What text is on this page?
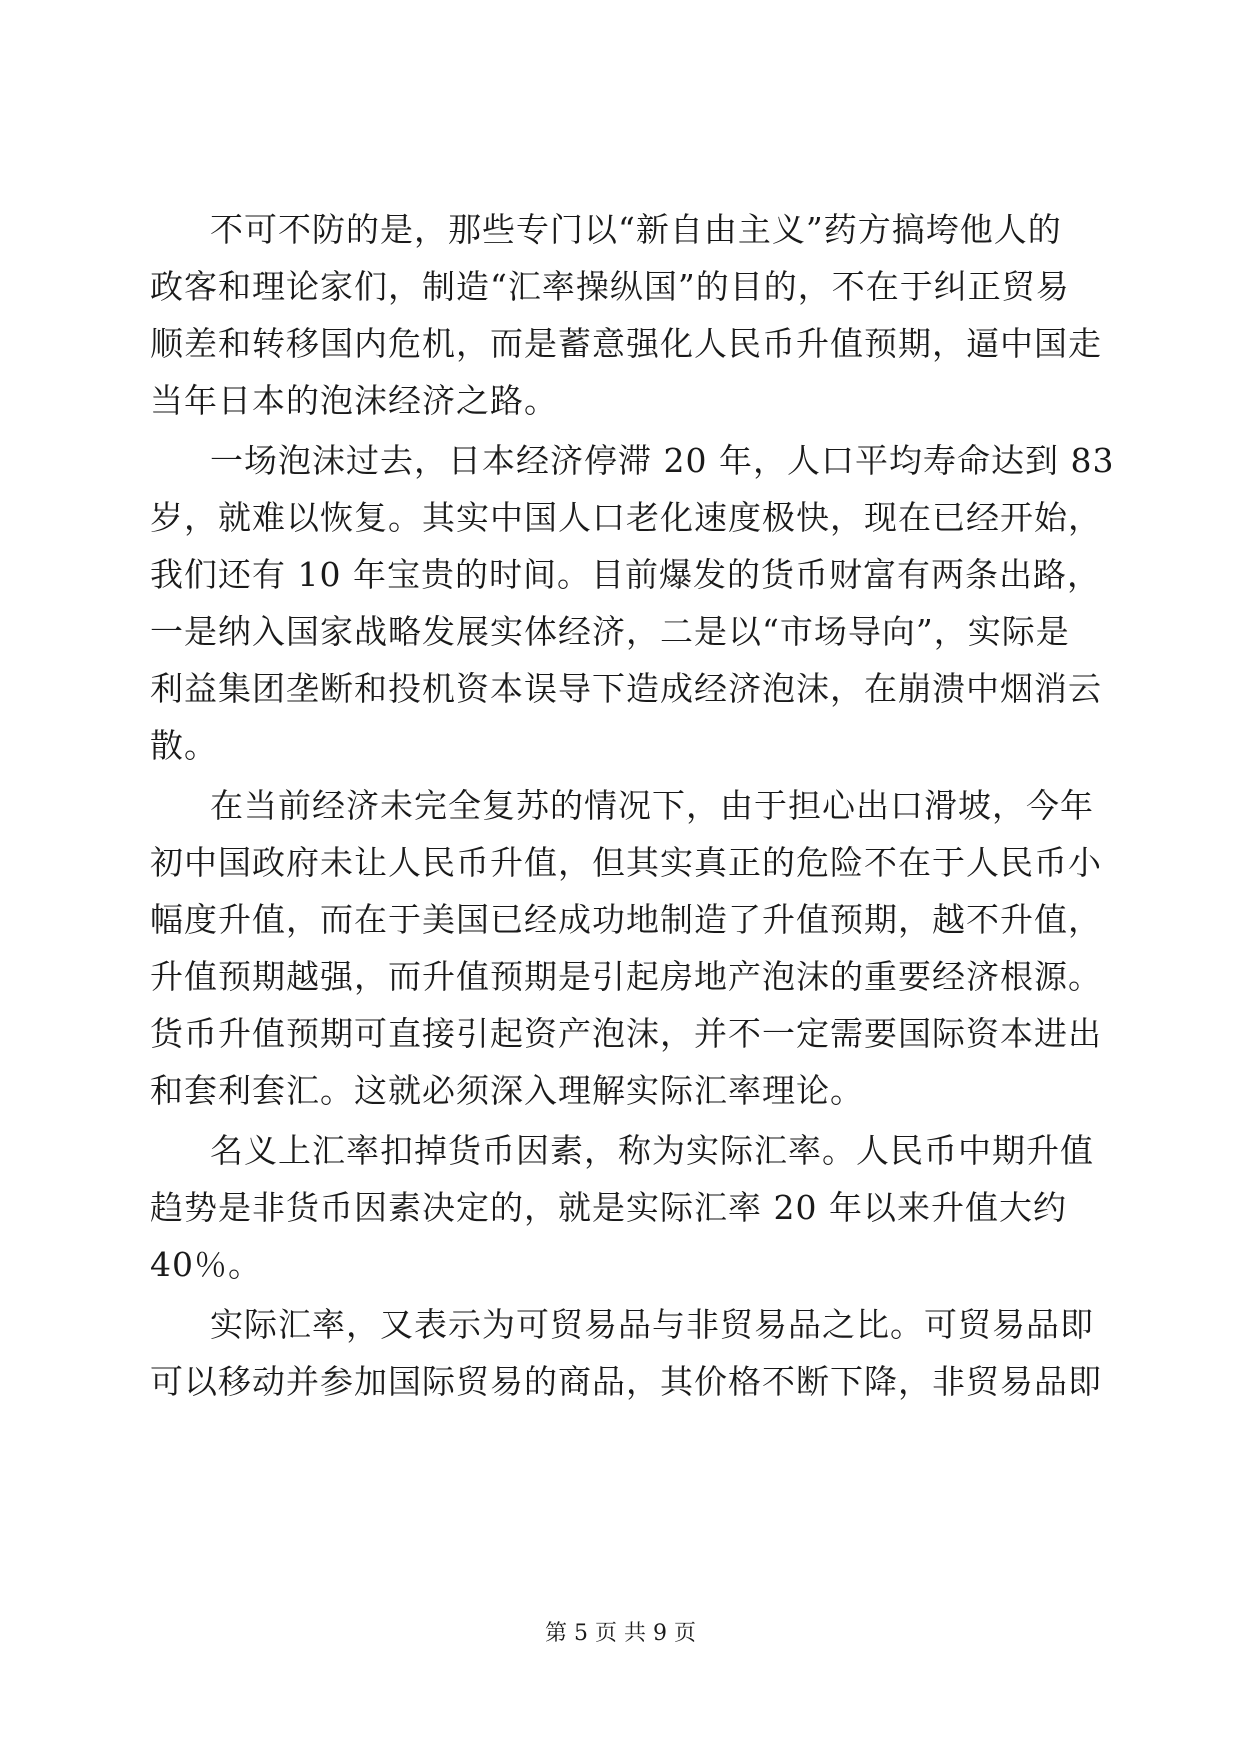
不可不防的是，那些专门以“新自由主义”药方搞垮他人的
政客和理论家们，制造“汇率操纵国”的目的，不在于纠正贸易
顺差和转移国内危机，而是蓄意强化人民币升值预期，逼中国走
当年日本的泡沫经济之路。
一场泡沫过去，日本经济停滞 20 年，人口平均寿命达到 83
岁，就难以恢复。其实中国人口老化速度极快，现在已经开始，
我们还有 10 年宝贵的时间。目前爆发的货币财富有两条出路，
一是纳入国家战略发展实体经济，二是以“市场导向”，实际是
利益集团垄断和投机资本误导下造成经济泡沫，在崩溃中烟消云
散。
在当前经济未完全复苏的情况下，由于担心出口滑坡，今年
初中国政府未让人民币升值，但其实真正的危险不在于人民币小
幅度升值，而在于美国已经成功地制造了升值预期，越不升值，
升值预期越强，而升值预期是引起房地产泡沫的重要经济根源。
货币升值预期可直接引起资产泡沫，并不一定需要国际资本进出
和套利套汇。这就必须深入理解实际汇率理论。
名义上汇率扣掉货币因素，称为实际汇率。人民币中期升值
趋势是非货币因素决定的，就是实际汇率 20 年以来升值大约
40％。
实际汇率，又表示为可贸易品与非贸易品之比。可贸易品即
可以移动并参加国际贸易的商品，其价格不断下降，非贸易品即
第 5 页 共 9 页
